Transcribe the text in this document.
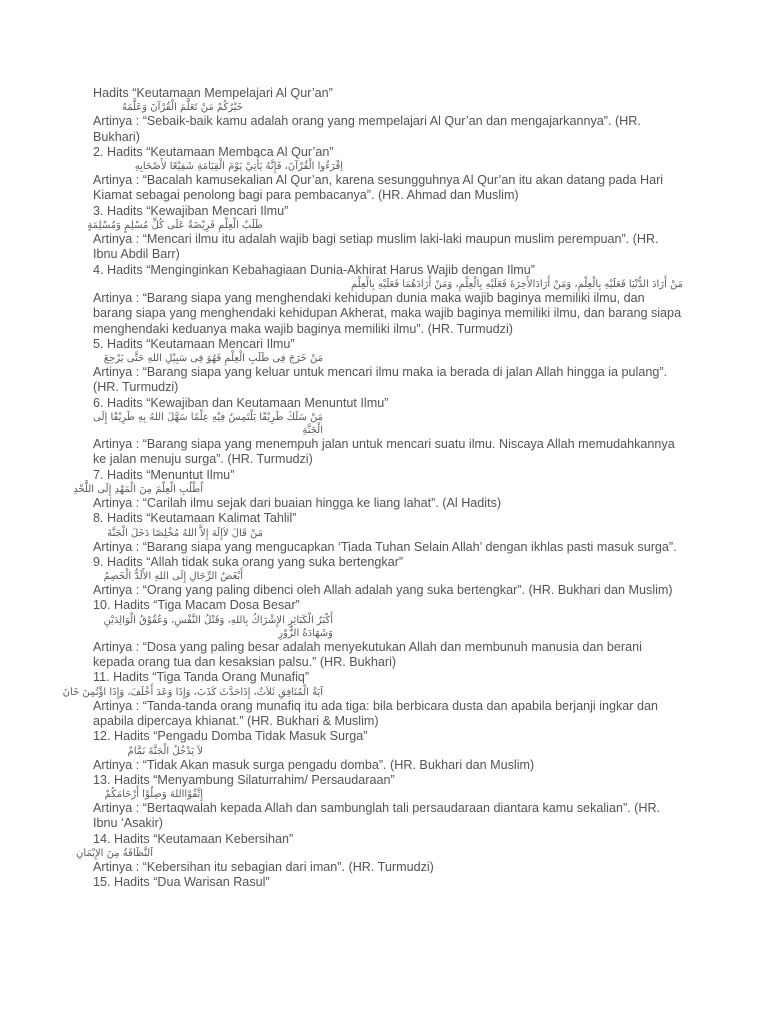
Hadits “Keutamaan Mempelajari Al Qur’an”
خَيْرُكُمْ مَنْ تَعَلَّمَ الْقُرْآنَ وَعَلَّمَهُ

Artinya : “Sebaik-baik kamu adalah orang yang mempelajari Al Qur’an dan mengajarkannya”. (HR. Bukhari)

2. Hadits “Keutamaan Membaca Al Qur’an”
اِقْرَءُوا الْقُرْآنَ، فَإِنَّهُ يَأْتِيْ يَوْمَ الْقِيَامَةِ شَفِيْعًا لأَصْحَابِهِ

Artinya : “Bacalah kamusekalian Al Qur’an, karena sesungguhnya Al Qur’an itu akan datang pada Hari Kiamat sebagai penolong bagi para pembacanya”. (HR. Ahmad dan Muslim)

3. Hadits “Kewajiban Mencari Ilmu”
طَلَبُ الْعِلْمِ فَرِيْضَةٌ عَلَى كُلِّ مُسْلِمٍ وَمُسْلِمَةٍ

Artinya : “Mencari ilmu itu adalah wajib bagi setiap muslim laki-laki maupun muslim perempuan”. (HR. Ibnu Abdil Barr)

4. Hadits “Menginginkan Kebahagiaan Dunia-Akhirat Harus Wajib dengan Ilmu”
مَنْ أَرَادَ الدُّنْيَا فَعَلَيْهِ بِالْعِلْمِ، وَمَنْ أَرَادَالأَخِرَةَ فَعَلَيْهِ بِالْعِلْمِ، وَمَنْ أَرَادَهُمَا فَعَلَيْهِ بِالْعِلْمِ

Artinya : “Barang siapa yang menghendaki kehidupan dunia maka wajib baginya memiliki ilmu, dan barang siapa yang menghendaki kehidupan Akherat, maka wajib baginya memiliki ilmu, dan barang siapa menghendaki keduanya maka wajib baginya memiliki ilmu”. (HR. Turmudzi)

5. Hadits “Keutamaan Mencari Ilmu”
مَنْ خَرَجَ فِى طَلَبِ الْعِلْمِ فَهُوَ فِى سَبِيْلِ اللهِ حَتَّى يَرْجِعَ

Artinya : “Barang siapa yang keluar untuk mencari ilmu maka ia berada di jalan Allah hingga ia pulang”. (HR. Turmudzi)

6. Hadits “Kewajiban dan Keutamaan Menuntut Ilmu”
مَنْ سَلَكَ طَرِيْقًا يَلْتَمِسُ فِيْهِ عِلْمًا سَهَّلَ اللهُ بِهِ طَرِيْقًا إِلَى الْجَنَّةِ

Artinya : “Barang siapa yang menempuh jalan untuk mencari suatu ilmu. Niscaya Allah memudahkannya ke jalan menuju surga”. (HR. Turmudzi)

7. Hadits “Menuntut Ilmu”
اُطْلُبِ الْعِلْمَ مِنَ الْمَهْدِ إِلَى اللَّحْدِ

Artinya : “Carilah ilmu sejak dari buaian hingga ke liang lahat”. (Al Hadits)

8. Hadits “Keutamaan Kalimat Tahlil”
مَنْ قَالَ لاَإِلَهَ إِلاَّ اللهُ مُخْلِصًا دَخَلَ الْجَنَّةَ

Artinya : “Barang siapa yang mengucapkan ‘Tiada Tuhan Selain Allah’ dengan ikhlas pasti masuk surga”.

9. Hadits “Allah tidak suka orang yang suka bertengkar”
أَبْغَضُ الرِّجَالِ إِلَى اللهِ الأَلَدُّ الْخَصِمُ

Artinya : “Orang yang paling dibenci oleh Allah adalah yang suka bertengkar”. (HR. Bukhari dan Muslim)

10. Hadits “Tiga Macam Dosa Besar”
أَكْبَرُ الْكَبَائِرِ الإِشْرَاكُ بِاللهِ، وَقَتْلُ النَّفْسِ، وَعُقُوْقُ الْوَالِدَيْنِ وَشَهَادَةُ الزُّوْرِ

Artinya : “Dosa yang paling besar adalah menyekutukan Allah dan membunuh manusia dan berani kepada orang tua dan kesaksian palsu.” (HR. Bukhari)

11. Hadits “Tiga Tanda Orang Munafiq”
آيَةُ الْمُنَافِقِ ثَلاَثٌ، إِذَاحَدَّثَ كَذَبَ، وَإِذَا وَعَدَ أَخْلَفَ، وَإِذَا اؤْتُمِنَ خَانَ

Artinya : “Tanda-tanda orang munafiq itu ada tiga: bila berbicara dusta dan apabila berjanji ingkar dan apabila dipercaya khianat.” (HR. Bukhari & Muslim)

12. Hadits “Pengadu Domba Tidak Masuk Surga”
لاَ يَدْخُلُ الْجَنَّةَ نَمَّامٌ

Artinya : “Tidak Akan masuk surga pengadu domba”. (HR. Bukhari dan Muslim)

13. Hadits “Menyambung Silaturrahim/ Persaudaraan”
إِتَّقُوْااللهَ وَصِلُوْا أَرْحَامَكُمْ

Artinya : “Bertaqwalah kepada Allah dan sambunglah tali persaudaraan diantara kamu sekalian”. (HR. Ibnu ‘Asakir)

14. Hadits “Keutamaan Kebersihan”
اَلنَّظَافَةُ مِنَ الإِيْمَانِ

Artinya : “Kebersihan itu sebagian dari iman”. (HR. Turmudzi)

15. Hadits “Dua Warisan Rasul”
